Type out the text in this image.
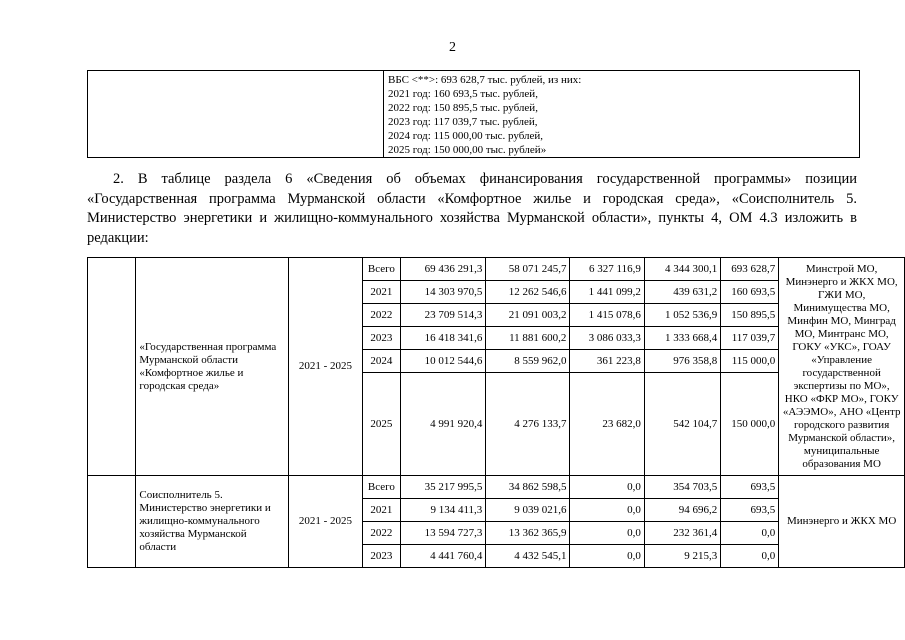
2

ВБС <**>: 693 628,7 тыс. рублей, из них:
2021 год: 160 693,5 тыс. рублей,
2022 год: 150 895,5 тыс. рублей,
2023 год: 117 039,7 тыс. рублей,
2024 год: 115 000,00 тыс. рублей,
2025 год: 150 000,00 тыс. рублей»
2. В таблице раздела 6 «Сведения об объемах финансирования государственной программы» позиции «Государственная программа Мурманской области «Комфортное жилье и городская среда», «Соисполнитель 5. Министерство энергетики и жилищно-коммунального хозяйства Мурманской области», пункты 4, ОМ 4.3 изложить в редакции:
	«Государственная программа Мурманской области «Комфортное жилье и городская среда»	2021 - 2025	Всего	69 436 291,3	58 071 245,7	6 327 116,9	4 344 300,1	693 628,7	Минстрой МО, Минэнерго и ЖКХ МО, ГЖИ МО, Минимущества МО, Минфин МО, Минград МО, Минтранс МО, ГОКУ «УКС», ГОАУ «Управление государственной экспертизы по МО», НКО «ФКР МО», ГОКУ «АЭЭМО», АНО «Центр городского развития Мурманской области», муниципальные образования МО
			2021	14 303 970,5	12 262 546,6	1 441 099,2	439 631,2	160 693,5	
			2022	23 709 514,3	21 091 003,2	1 415 078,6	1 052 536,9	150 895,5	
			2023	16 418 341,6	11 881 600,2	3 086 033,3	1 333 668,4	117 039,7	
			2024	10 012 544,6	8 559 962,0	361 223,8	976 358,8	115 000,0	
			2025	4 991 920,4	4 276 133,7	23 682,0	542 104,7	150 000,0	
	Соисполнитель 5. Министерство энергетики и жилищно-коммунального хозяйства Мурманской области	2021 - 2025	Всего	35 217 995,5	34 862 598,5	0,0	354 703,5	693,5	Минэнерго и ЖКХ МО
			2021	9 134 411,3	9 039 021,6	0,0	94 696,2	693,5	
			2022	13 594 727,3	13 362 365,9	0,0	232 361,4	0,0	
			2023	4 441 760,4	4 432 545,1	0,0	9 215,3	0,0	
